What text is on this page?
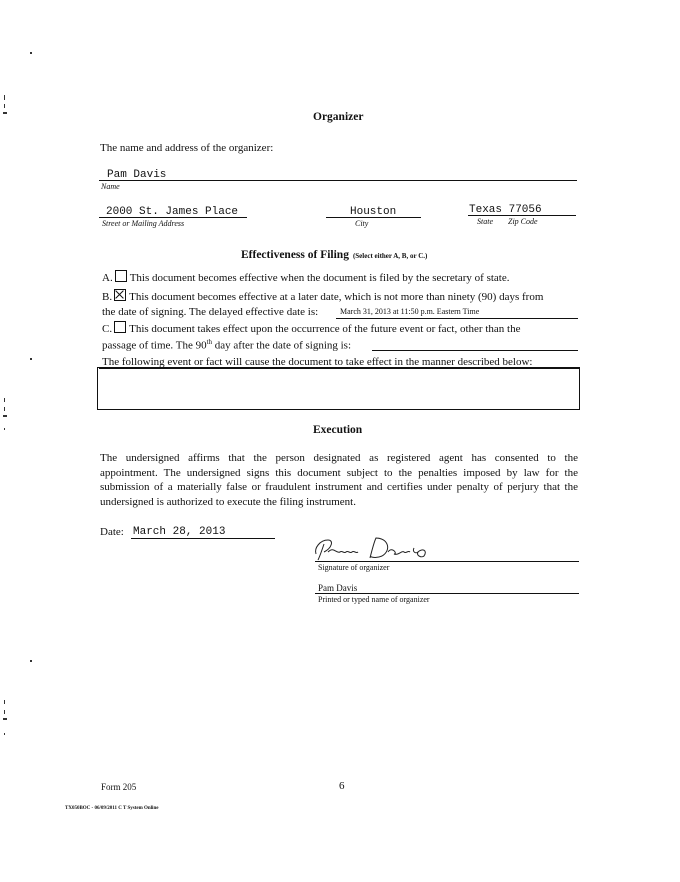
Organizer
The name and address of the organizer:
Pam Davis
Name
2000 St. James Place
Street or Mailing Address
Houston
City
Texas 77056
State Zip Code
Effectiveness of Filing (Select either A, B, or C.)
A. This document becomes effective when the document is filed by the secretary of state.
B. This document becomes effective at a later date, which is not more than ninety (90) days from
the date of signing. The delayed effective date is:	March 31, 2013 at 11:50 p.m. Eastern Time
C. This document takes effect upon the occurrence of the future event or fact, other than the
passage of time. The 90th day after the date of signing is:
The following event or fact will cause the document to take effect in the manner described below:
Execution
The undersigned affirms that the person designated as registered agent has consented to the
appointment. The undersigned signs this document subject to the penalties imposed by law for the
submission of a materially false or fraudulent instrument and certifies under penalty of perjury that the
undersigned is authorized to execute the filing instrument.
Date: March 28, 2013
Signature of organizer
Pam Davis
Printed or typed name of organizer
Form 205	6
TX050BOC - 06/09/2011 C T System Online
